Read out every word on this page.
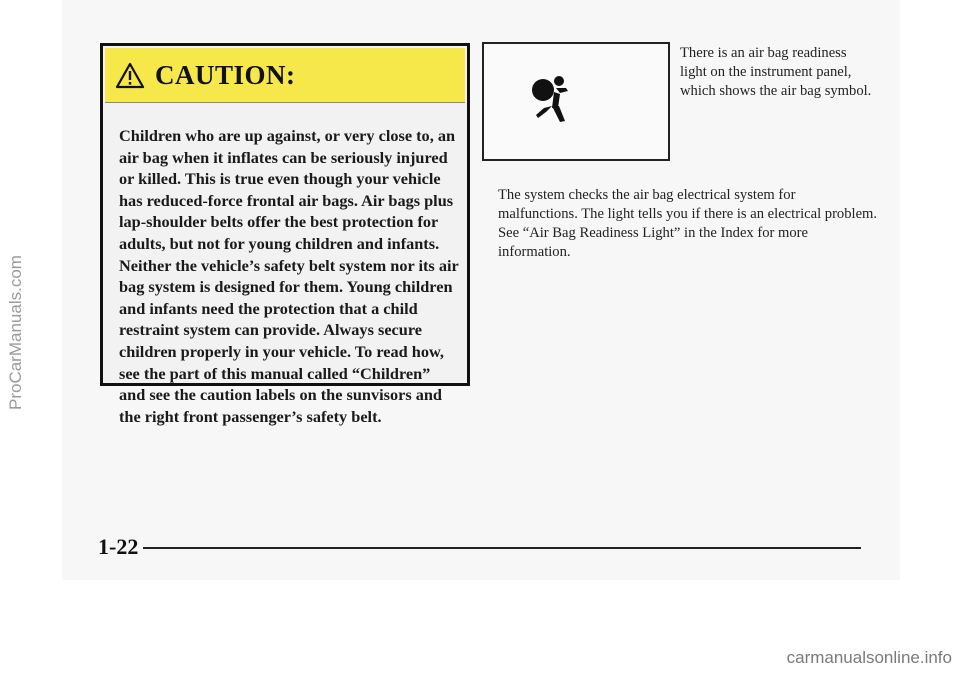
CAUTION:
Children who are up against, or very close to, an air bag when it inflates can be seriously injured or killed. This is true even though your vehicle has reduced-force frontal air bags. Air bags plus lap-shoulder belts offer the best protection for adults, but not for young children and infants. Neither the vehicle’s safety belt system nor its air bag system is designed for them. Young children and infants need the protection that a child restraint system can provide. Always secure children properly in your vehicle. To read how, see the part of this manual called “Children” and see the caution labels on the sunvisors and the right front passenger’s safety belt.
There is an air bag readiness light on the instrument panel, which shows the air bag symbol.
The system checks the air bag electrical system for malfunctions. The light tells you if there is an electrical problem. See “Air Bag Readiness Light” in the Index for more information.
1-22
ProCarManuals.com
carmanualsonline.info
